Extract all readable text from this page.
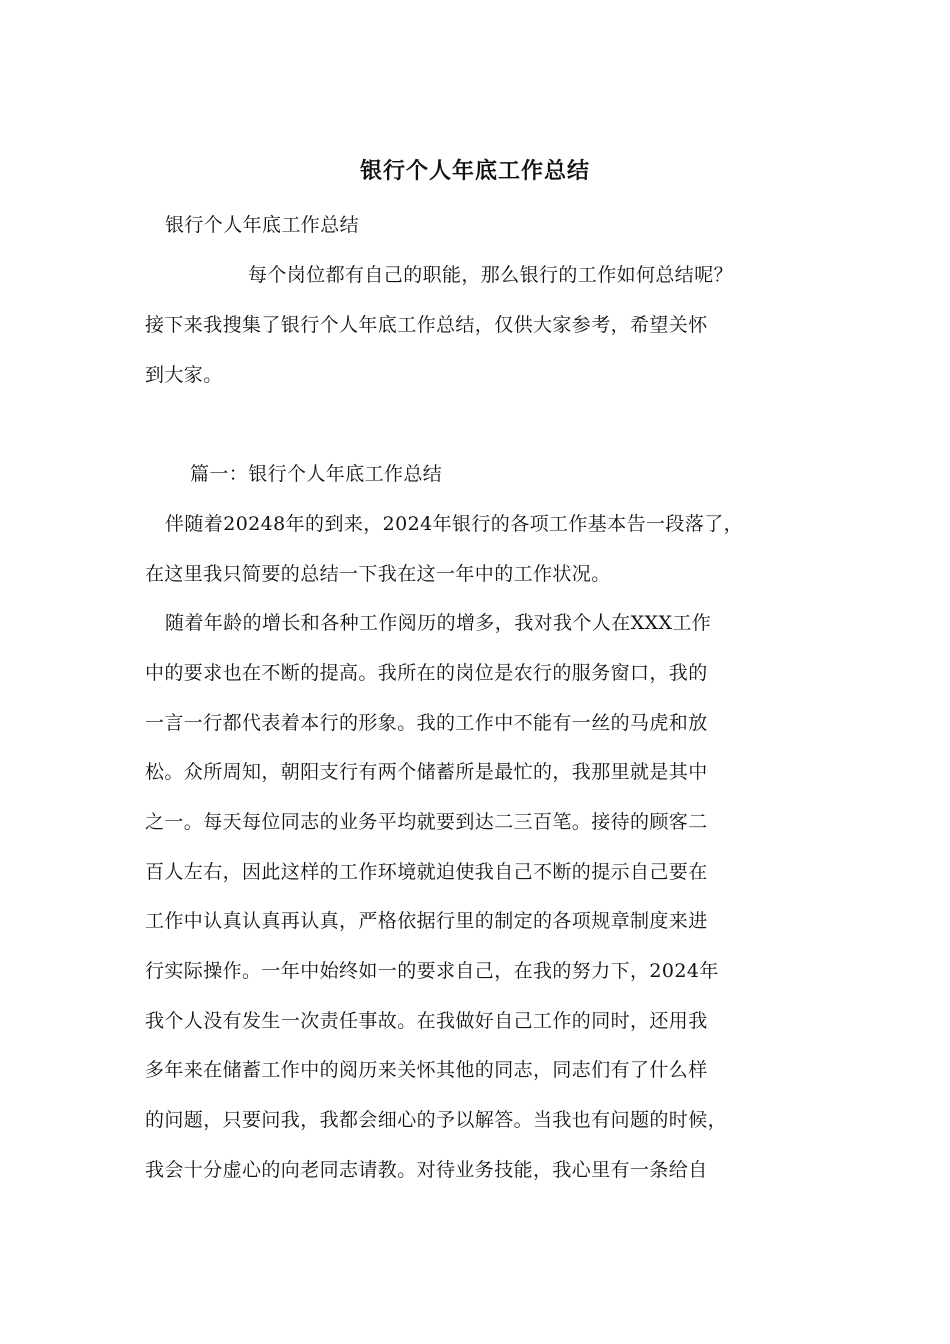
银行个人年底工作总结
银行个人年底工作总结
每个岗位都有自己的职能，那么银行的工作如何总结呢？
接下来我搜集了银行个人年底工作总结，仅供大家参考，希望关怀
到大家。
篇一：银行个人年底工作总结
伴随着20248年的到来，2024年银行的各项工作基本告一段落了，
在这里我只简要的总结一下我在这一年中的工作状况。
随着年龄的增长和各种工作阅历的增多，我对我个人在XXX工作
中的要求也在不断的提高。我所在的岗位是农行的服务窗口，我的
一言一行都代表着本行的形象。我的工作中不能有一丝的马虎和放
松。众所周知，朝阳支行有两个储蓄所是最忙的，我那里就是其中
之一。每天每位同志的业务平均就要到达二三百笔。接待的顾客二
百人左右，因此这样的工作环境就迫使我自己不断的提示自己要在
工作中认真认真再认真，严格依据行里的制定的各项规章制度来进
行实际操作。一年中始终如一的要求自己，在我的努力下，2024年
我个人没有发生一次责任事故。在我做好自己工作的同时，还用我
多年来在储蓄工作中的阅历来关怀其他的同志，同志们有了什么样
的问题，只要问我，我都会细心的予以解答。当我也有问题的时候，
我会十分虚心的向老同志请教。对待业务技能，我心里有一条给自
